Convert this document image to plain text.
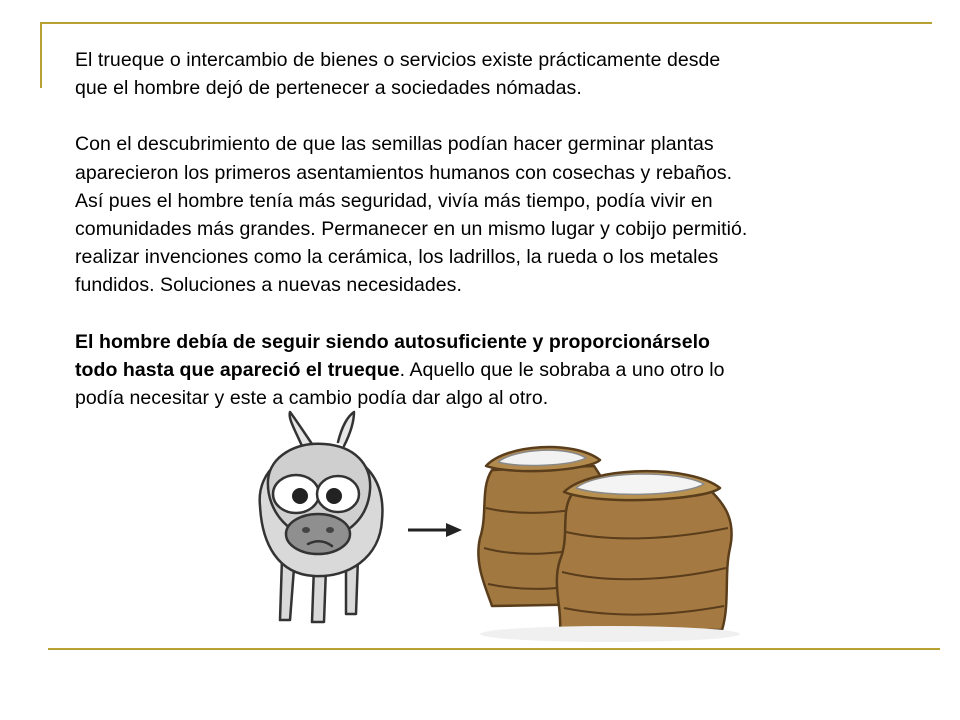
El trueque o intercambio de bienes o servicios existe prácticamente desde

que el hombre dejó de pertenecer a sociedades nómadas.

Con el descubrimiento de que las semillas podían hacer germinar plantas

aparecieron los primeros asentamientos humanos con cosechas y rebaños.

Así pues el hombre tenía más seguridad, vivía más tiempo, podía vivir en

comunidades más grandes. Permanecer en un mismo lugar y cobijo permitió.

realizar invenciones como la cerámica, los ladrillos, la rueda o los metales

fundidos. Soluciones a nuevas necesidades.

El hombre debía de seguir siendo autosuficiente y proporcionárselo

todo hasta que apareció el trueque. Aquello que le sobraba a uno otro lo

podía necesitar y este a cambio podía dar algo al otro.
